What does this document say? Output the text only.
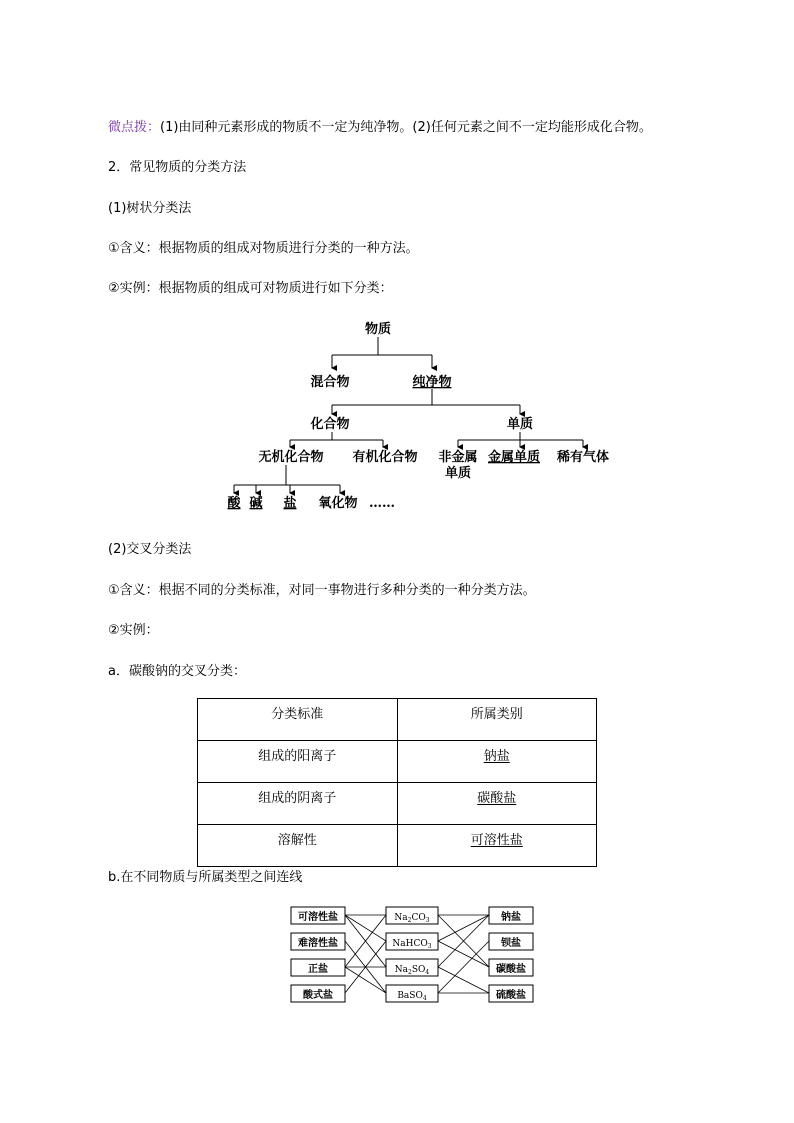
微点拨：(1)由同种元素形成的物质不一定为纯净物。(2)任何元素之间不一定均能形成化合物。
2．常见物质的分类方法
(1)树状分类法
①含义：根据物质的组成对物质进行分类的一种方法。
②实例：根据物质的组成可对物质进行如下分类：
物质
混合物	纯净物
化合物	单质
无机化合物 有机化合物 非金属
单质
金属单质 稀有气体
酸 碱 盐 氧化物 ……
(2)交叉分类法
①含义：根据不同的分类标准，对同一事物进行多种分类的一种分类方法。
②实例：
a．碳酸钠的交叉分类：
分类标准	所属类别
组成的阳离子	钠盐
组成的阴离子	碳酸盐
溶解性	可溶性盐
b.在不同物质与所属类型之间连线
可溶性盐
难溶性盐
正盐
酸式盐
$Na_2CO_3$
NaHCO$_3$
$Na_2SO_4$
BaSO$_4$
钠盐
钡盐
碳酸盐
硫酸盐
